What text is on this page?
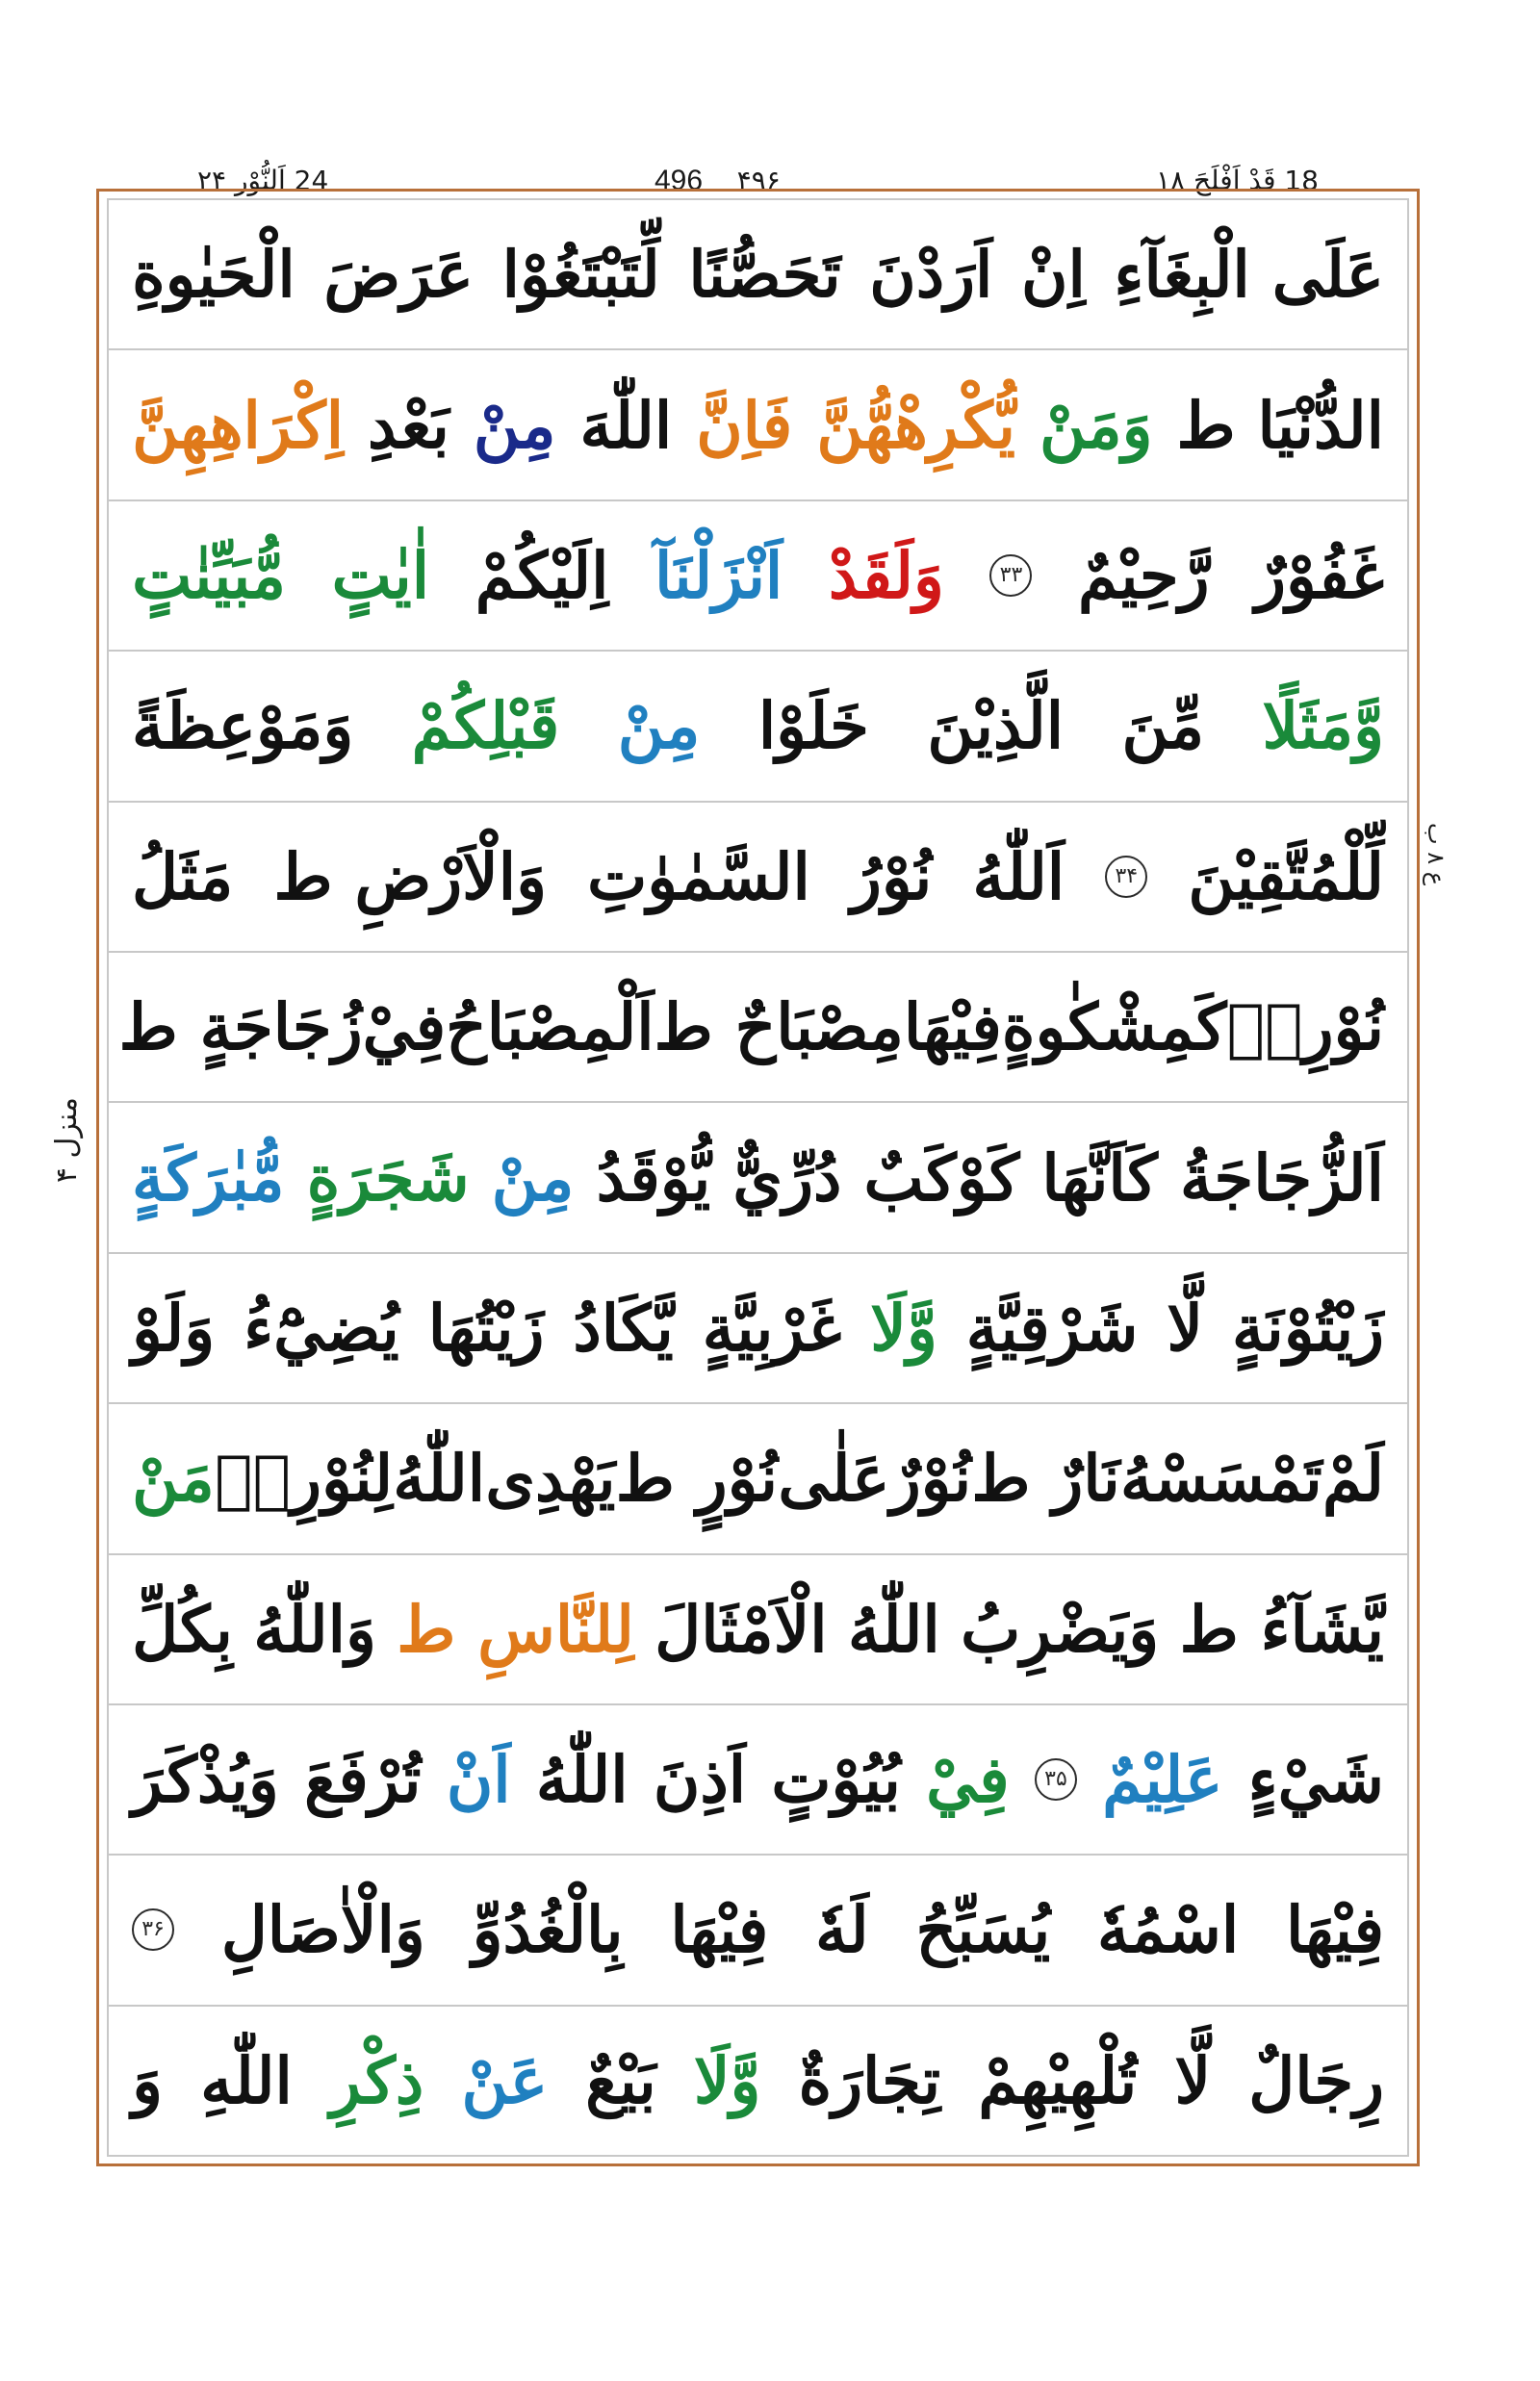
24 اَلنُّوْر ۲۴	۴۹۶    496	18 قَدْ اَفْلَحَ ۱۸
عَلَى الْبِغَآءِ
اِنْ
اَرَدْنَ
تَحَصُّنًا
لِّتَبْتَغُوْا
عَرَضَ
الْحَيٰوةِ
الدُّنْيَا ط
وَمَنْ
يُّكْرِهْهُّنَّ
فَاِنَّ
اللّٰهَ
مِنْ
بَعْدِ
اِكْرَاهِهِنَّ
غَفُوْرٌ
رَّحِيْمٌ
۳۳
وَلَقَدْ
اَنْزَلْنَآ
اِلَيْكُمْ
اٰيٰتٍ
مُّبَيِّنٰتٍ
وَّمَثَلًا
مِّنَ
الَّذِيْنَ
خَلَوْا
مِنْ
قَبْلِكُمْ
وَمَوْعِظَةً
لِّلْمُتَّقِيْنَ
۳۴
اَللّٰهُ
نُوْرُ
السَّمٰوٰتِ
وَالْاَرْضِ ط
مَثَلُ
نُوْرِهٖ
كَمِشْكٰوةٍ
فِيْهَا
مِصْبَاحٌ ط
اَلْمِصْبَاحُ
فِيْ
زُجَاجَةٍ ط
اَلزُّجَاجَةُ
كَاَنَّهَا
كَوْكَبٌ
دُرِّيٌّ
يُّوْقَدُ
مِنْ
شَجَرَةٍ
مُّبٰرَكَةٍ
زَيْتُوْنَةٍ
لَّا
شَرْقِيَّةٍ
وَّلَا
غَرْبِيَّةٍ
يَّكَادُ
زَيْتُهَا
يُضِيْٓءُ
وَلَوْ
لَمْ
تَمْسَسْهُ
نَارٌ ط
نُوْرٌ
عَلٰى
نُوْرٍ ط
يَهْدِى
اللّٰهُ
لِنُوْرِهٖ
مَنْ
يَّشَآءُ ط
وَيَضْرِبُ
اللّٰهُ
الْاَمْثَالَ
لِلنَّاسِ ط
وَاللّٰهُ
بِكُلِّ
شَيْءٍ
عَلِيْمٌ
۳۵
فِيْ
بُيُوْتٍ
اَذِنَ
اللّٰهُ
اَنْ
تُرْفَعَ
وَيُذْكَرَ
فِيْهَا
اسْمُهٗ
يُسَبِّحُ
لَهٗ
فِيْهَا
بِالْغُدُوِّ
وَالْاٰصَالِ
۳۶
رِجَالٌ
لَّا
تُلْهِيْهِمْ
تِجَارَةٌ
وَّلَا
بَيْعٌ
عَنْ
ذِكْرِ
اللّٰهِ
وَ
ع ۸ ب
منزل ۴
